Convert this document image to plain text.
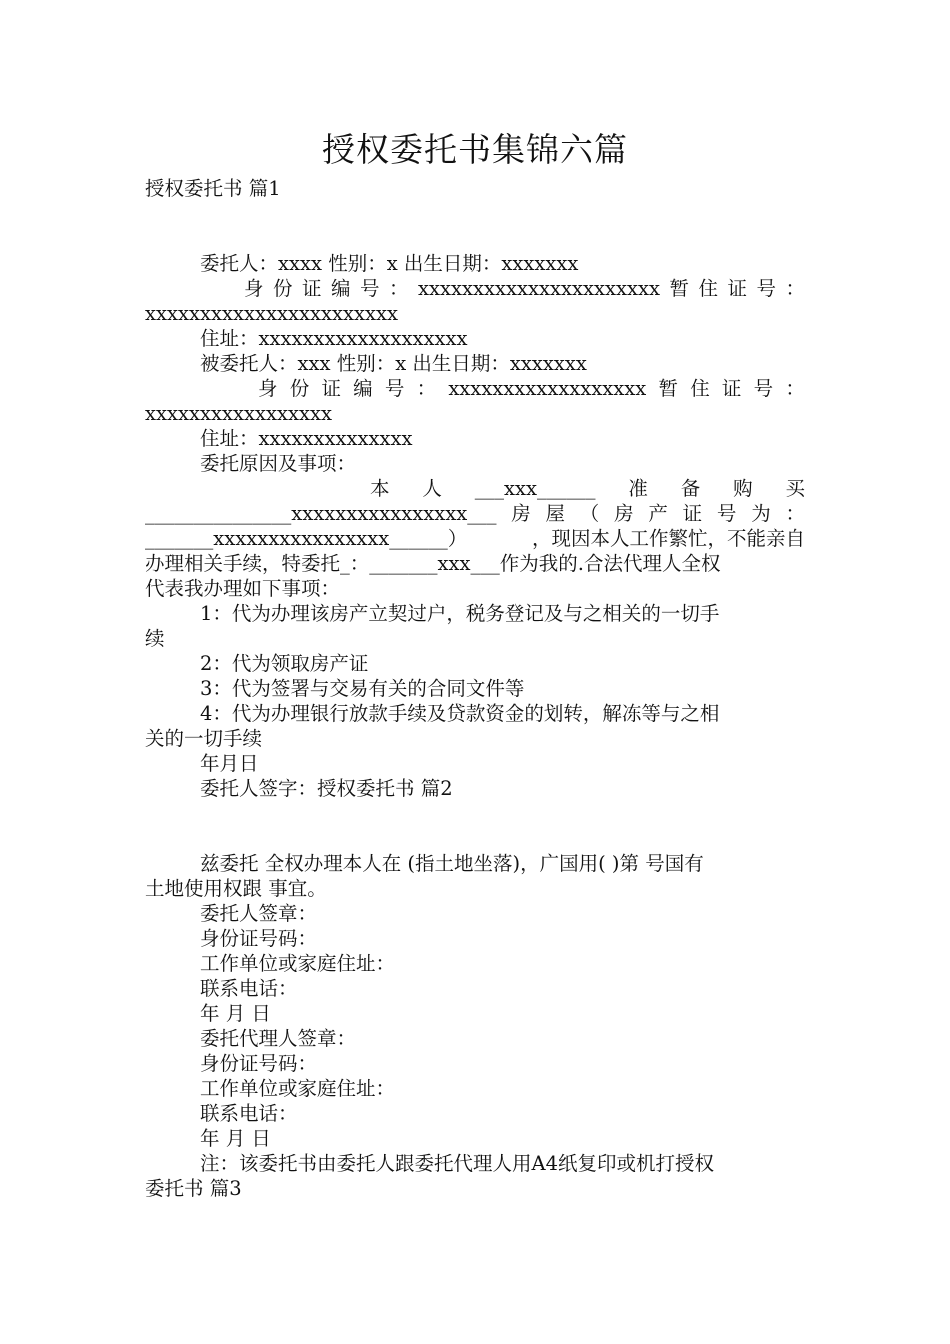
授权委托书集锦六篇
授权委托书 篇1
委托人：xxxx 性别：x 出生日期：xxxxxxx
身 份 证 编 号 ： xxxxxxxxxxxxxxxxxxxxxx 暂 住 证 号 ：
xxxxxxxxxxxxxxxxxxxxxxx
住址：xxxxxxxxxxxxxxxxxxx
被委托人：xxx 性别：x 出生日期：xxxxxxx
身 份 证 编 号 ： xxxxxxxxxxxxxxxxxx 暂 住 证 号 ：
xxxxxxxxxxxxxxxxx
住址：xxxxxxxxxxxxxx
委托原因及事项：
本 人 ___xxx______ 准 备 购 买
_______________xxxxxxxxxxxxxxxx___ 房 屋 （ 房 产 证 号 为 ：
_______xxxxxxxxxxxxxxxx______）	，现因本人工作繁忙，不能亲自
办理相关手续，特委托_：_______xxx___作为我的.合法代理人全权
代表我办理如下事项：
1：代为办理该房产立契过户，税务登记及与之相关的一切手
续
2：代为领取房产证
3：代为签署与交易有关的合同文件等
4：代为办理银行放款手续及贷款资金的划转，解冻等与之相
关的一切手续
年月日
委托人签字：授权委托书 篇2
兹委托 全权办理本人在 (指土地坐落)，广国用( )第 号国有
土地使用权跟 事宜。
委托人签章：
身份证号码：
工作单位或家庭住址：
联系电话：
年 月 日
委托代理人签章：
身份证号码：
工作单位或家庭住址：
联系电话：
年 月 日
注：该委托书由委托人跟委托代理人用A4纸复印或机打授权
委托书 篇3
